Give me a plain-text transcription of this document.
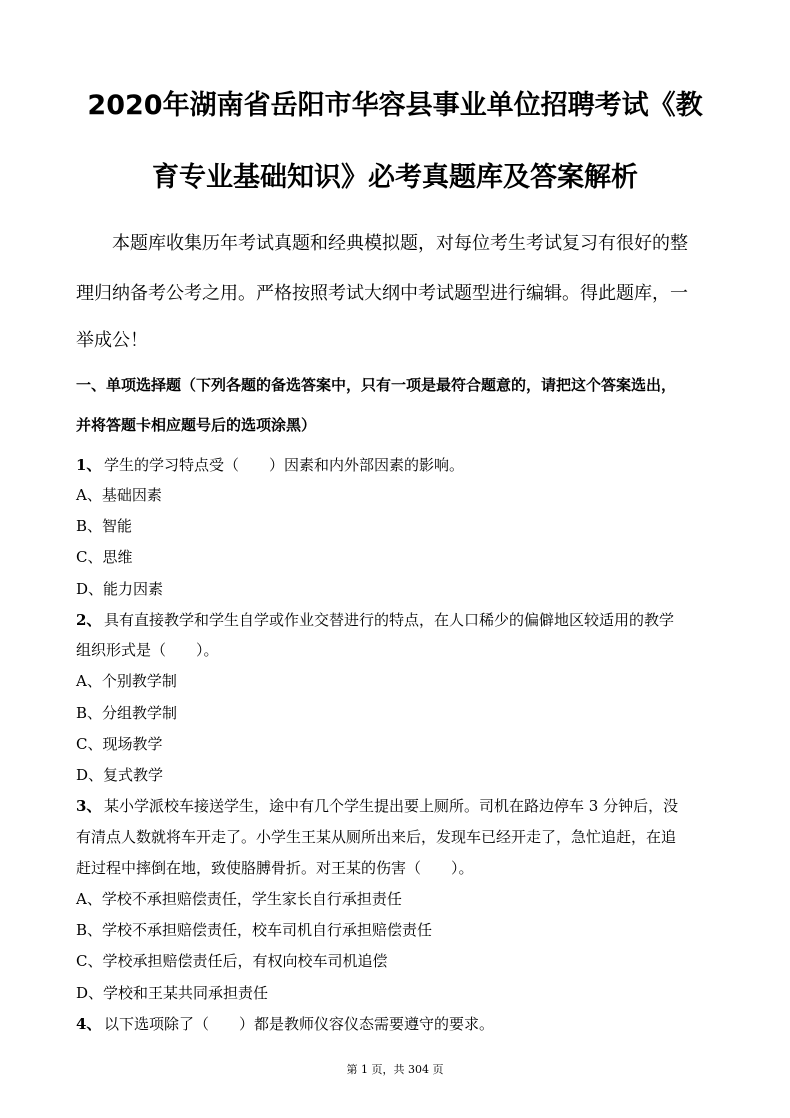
2020年湖南省岳阳市华容县事业单位招聘考试《教
育专业基础知识》必考真题库及答案解析
本题库收集历年考试真题和经典模拟题，对每位考生考试复习有很好的整
理归纳备考公考之用。严格按照考试大纲中考试题型进行编辑。得此题库，一
举成公！
一、单项选择题（下列各题的备选答案中，只有一项是最符合题意的，请把这个答案选出，
并将答题卡相应题号后的选项涂黑）
1、 学生的学习特点受（　　）因素和内外部因素的影响。
A、基础因素
B、智能
C、思维
D、能力因素
2、 具有直接教学和学生自学或作业交替进行的特点，在人口稀少的偏僻地区较适用的教学
组织形式是（　　）。
A、个别教学制
B、分组教学制
C、现场教学
D、复式教学
3、 某小学派校车接送学生，途中有几个学生提出要上厕所。司机在路边停车 3 分钟后，没
有清点人数就将车开走了。小学生王某从厕所出来后，发现车已经开走了，急忙追赶，在追
赶过程中摔倒在地，致使胳膊骨折。对王某的伤害（　　）。
A、学校不承担赔偿责任，学生家长自行承担责任
B、学校不承担赔偿责任，校车司机自行承担赔偿责任
C、学校承担赔偿责任后，有权向校车司机追偿
D、学校和王某共同承担责任
4、 以下选项除了（　　）都是教师仪容仪态需要遵守的要求。
第 1 页，共 304 页
